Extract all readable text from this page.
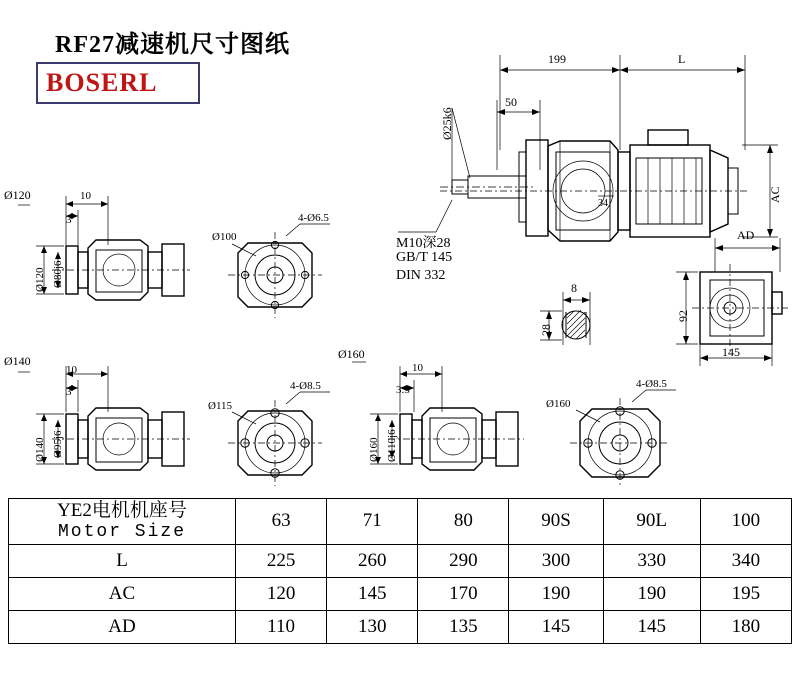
RF27减速机尺寸图纸
BOSERL
199	L
50
Ø25k6
34
AC
M10深28
GB/T 145
DIN 332
8
28
AD
92
145
Ø120	10
3
Ø120 Ø80j6
Ø100
4-Ø6.5
Ø140
10
3
Ø140 Ø95j6
Ø115
4-Ø8.5
Ø160
10
3.5
Ø160 Ø110j6
Ø160
4-Ø8.5
YE2电机机座号
Motor Size	63	71	80	90S	90L	100
L	225	260	290	300	330	340
AC	120	145	170	190	190	195
AD	110	130	135	145	145	180
